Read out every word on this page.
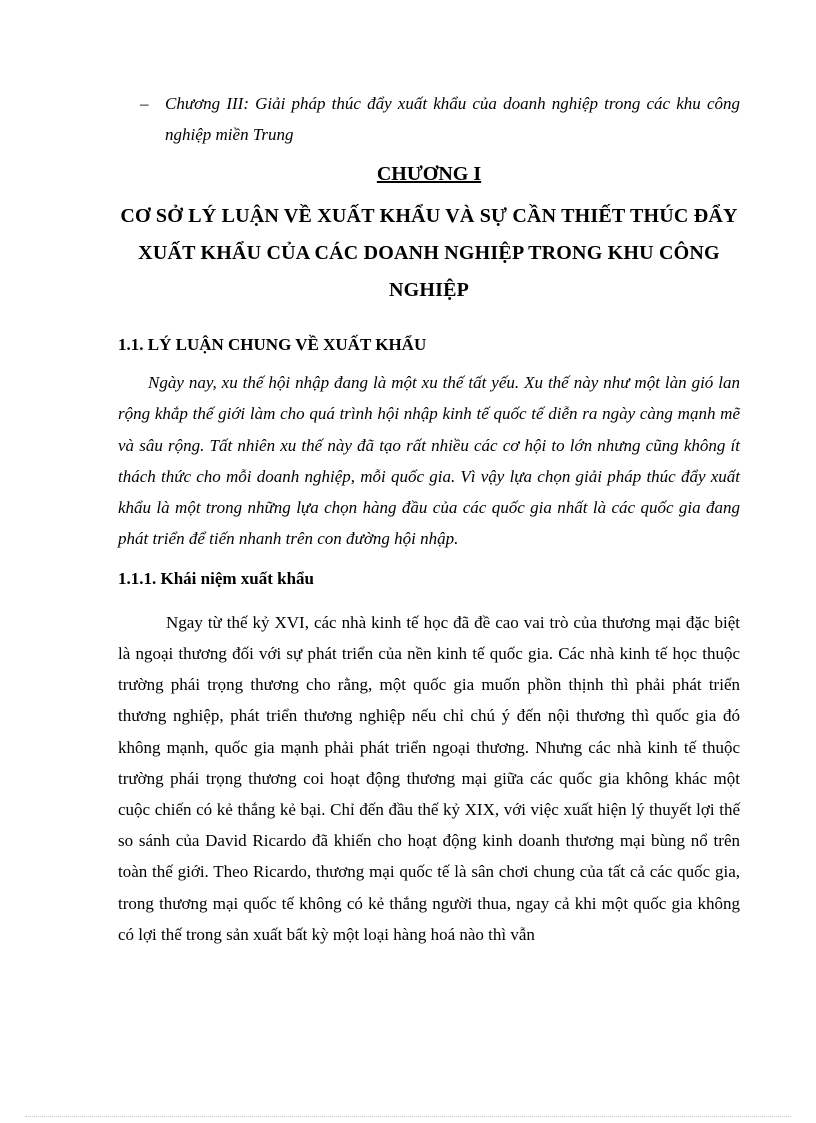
– Chương III: Giải pháp thúc đẩy xuất khẩu của doanh nghiệp trong các khu công nghiệp miền Trung
CHƯƠNG I
CƠ SỞ LÝ LUẬN VỀ XUẤT KHẨU VÀ SỰ CẦN THIẾT THÚC ĐẨY XUẤT KHẨU CỦA CÁC DOANH NGHIỆP TRONG KHU CÔNG NGHIỆP
1.1. LÝ LUẬN CHUNG VỀ XUẤT KHẨU
Ngày nay, xu thế hội nhập đang là một xu thế tất yếu. Xu thế này như một làn gió lan rộng khắp thế giới làm cho quá trình hội nhập kinh tế quốc tế diễn ra ngày càng mạnh mẽ và sâu rộng. Tất nhiên xu thế này đã tạo rất nhiều các cơ hội to lớn nhưng cũng không ít thách thức cho mỗi doanh nghiệp, mỗi quốc gia. Vì vậy lựa chọn giải pháp thúc đẩy xuất khẩu là một trong những lựa chọn hàng đầu của các quốc gia nhất là các quốc gia đang phát triển để tiến nhanh trên con đường hội nhập.
1.1.1. Khái niệm xuất khẩu
Ngay từ thế kỷ XVI, các nhà kinh tế học đã đề cao vai trò của thương mại đặc biệt là ngoại thương đối với sự phát triển của nền kinh tế quốc gia. Các nhà kinh tế học thuộc trường phái trọng thương cho rằng, một quốc gia muốn phồn thịnh thì phải phát triển thương nghiệp, phát triển thương nghiệp nếu chỉ chú ý đến nội thương thì quốc gia đó không mạnh, quốc gia mạnh phải phát triển ngoại thương. Nhưng các nhà kinh tế thuộc trường phái trọng thương coi hoạt động thương mại giữa các quốc gia không khác một cuộc chiến có kẻ thắng kẻ bại. Chỉ đến đầu thế kỷ XIX, với việc xuất hiện lý thuyết lợi thế so sánh của David Ricardo đã khiến cho hoạt động kinh doanh thương mại bùng nổ trên toàn thế giới. Theo Ricardo, thương mại quốc tế là sân chơi chung của tất cả các quốc gia, trong thương mại quốc tế không có kẻ thắng người thua, ngay cả khi một quốc gia không có lợi thế trong sản xuất bất kỳ một loại hàng hoá nào thì vẫn
